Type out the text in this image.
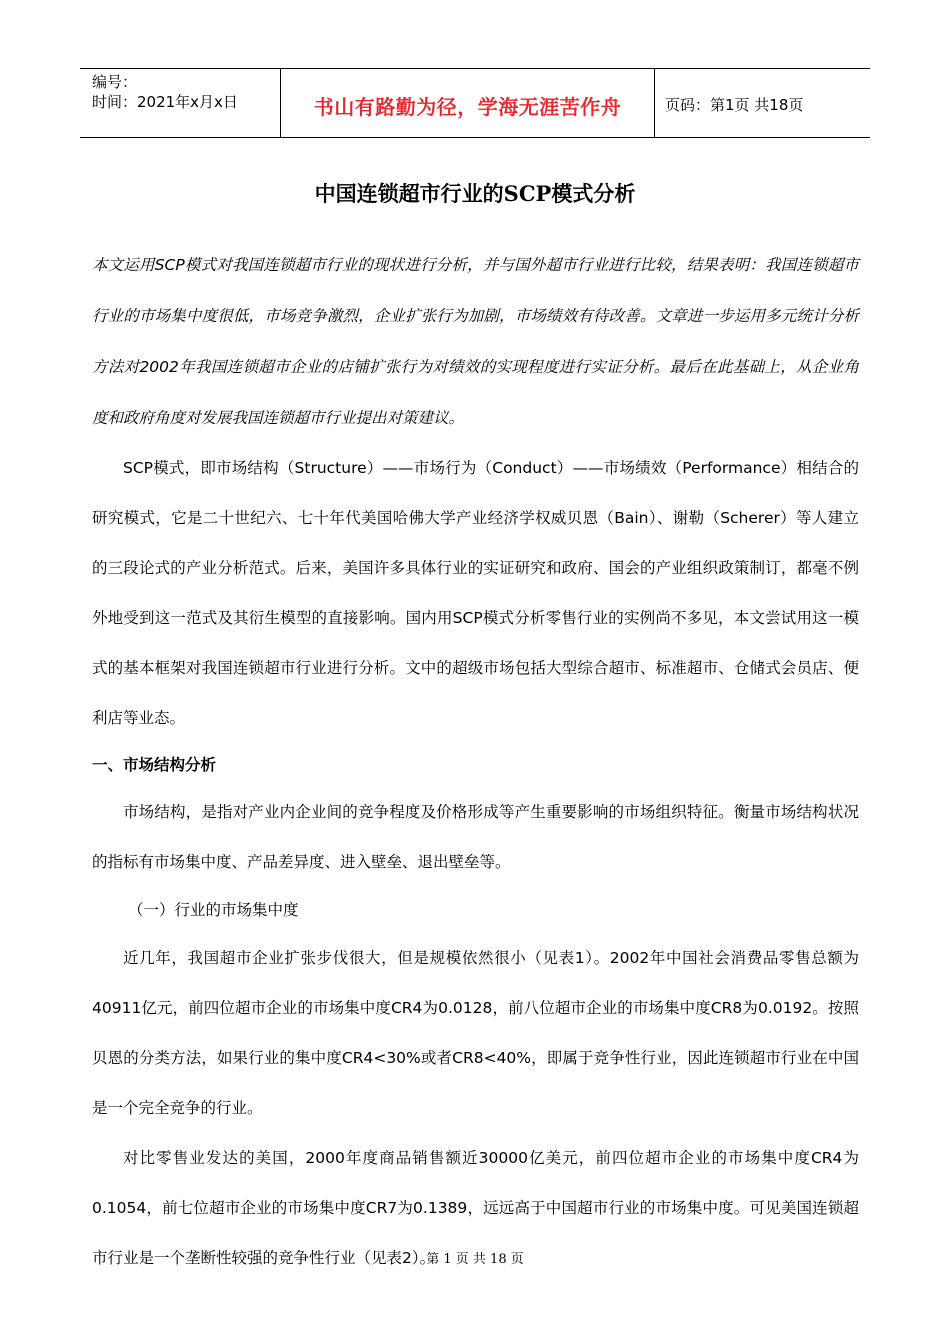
编号：
时间：2021年x月x日	书山有路勤为径，学海无涯苦作舟	页码：第1页 共18页
中国连锁超市行业的SCP模式分析

本文运用SCP模式对我国连锁超市行业的现状进行分析，并与国外超市行业进行比较，结果表明：我国连锁超市行业的市场集中度很低，市场竞争激烈，企业扩张行为加剧，市场绩效有待改善。文章进一步运用多元统计分析方法对2002年我国连锁超市企业的店铺扩张行为对绩效的实现程度进行实证分析。最后在此基础上，从企业角度和政府角度对发展我国连锁超市行业提出对策建议。

SCP模式，即市场结构（Structure）——市场行为（Conduct）——市场绩效（Performance）相结合的研究模式，它是二十世纪六、七十年代美国哈佛大学产业经济学权威贝恩（Bain）、谢勒（Scherer）等人建立的三段论式的产业分析范式。后来，美国许多具体行业的实证研究和政府、国会的产业组织政策制订，都毫不例外地受到这一范式及其衍生模型的直接影响。国内用SCP模式分析零售行业的实例尚不多见，本文尝试用这一模式的基本框架对我国连锁超市行业进行分析。文中的超级市场包括大型综合超市、标准超市、仓储式会员店、便利店等业态。

一、市场结构分析

市场结构，是指对产业内企业间的竞争程度及价格形成等产生重要影响的市场组织特征。衡量市场结构状况的指标有市场集中度、产品差异度、进入壁垒、退出壁垒等。

（一）行业的市场集中度

近几年，我国超市企业扩张步伐很大，但是规模依然很小（见表1）。2002年中国社会消费品零售总额为40911亿元，前四位超市企业的市场集中度CR4为0.0128，前八位超市企业的市场集中度CR8为0.0192。按照贝恩的分类方法，如果行业的集中度CR4<30%或者CR8<40%，即属于竞争性行业，因此连锁超市行业在中国是一个完全竞争的行业。

对比零售业发达的美国，2000年度商品销售额近30000亿美元，前四位超市企业的市场集中度CR4为0.1054，前七位超市企业的市场集中度CR7为0.1389，远远高于中国超市行业的市场集中度。可见美国连锁超市行业是一个垄断性较强的竞争性行业（见表2）。

第 1 页 共 18 页
